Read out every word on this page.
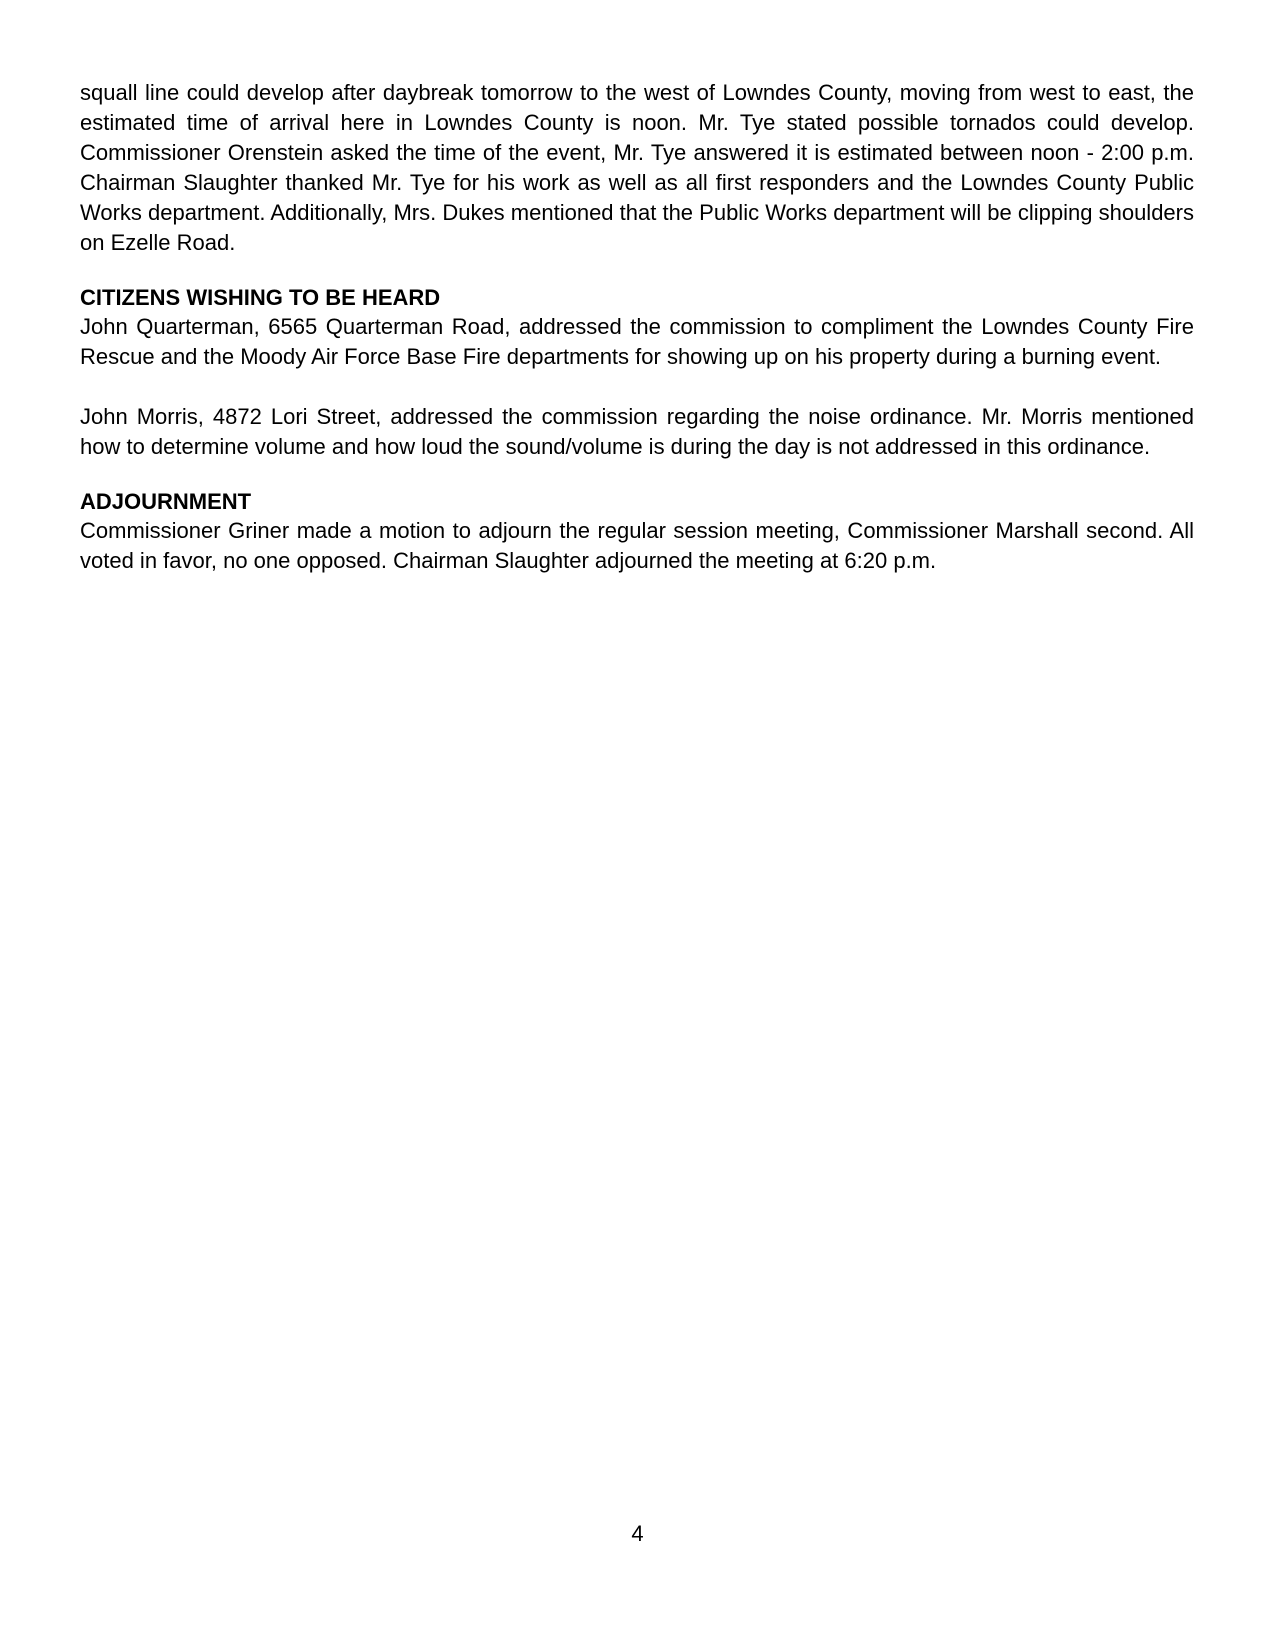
squall line could develop after daybreak tomorrow to the west of Lowndes County, moving from west to east, the estimated time of arrival here in Lowndes County is noon. Mr. Tye stated possible tornados could develop. Commissioner Orenstein asked the time of the event, Mr. Tye answered it is estimated between noon - 2:00 p.m. Chairman Slaughter thanked Mr. Tye for his work as well as all first responders and the Lowndes County Public Works department. Additionally, Mrs. Dukes mentioned that the Public Works department will be clipping shoulders on Ezelle Road.

CITIZENS WISHING TO BE HEARD

John Quarterman, 6565 Quarterman Road, addressed the commission to compliment the Lowndes County Fire Rescue and the Moody Air Force Base Fire departments for showing up on his property during a burning event.

John Morris, 4872 Lori Street, addressed the commission regarding the noise ordinance. Mr. Morris mentioned how to determine volume and how loud the sound/volume is during the day is not addressed in this ordinance.

ADJOURNMENT

Commissioner Griner made a motion to adjourn the regular session meeting, Commissioner Marshall second. All voted in favor, no one opposed. Chairman Slaughter adjourned the meeting at 6:20 p.m.

4
